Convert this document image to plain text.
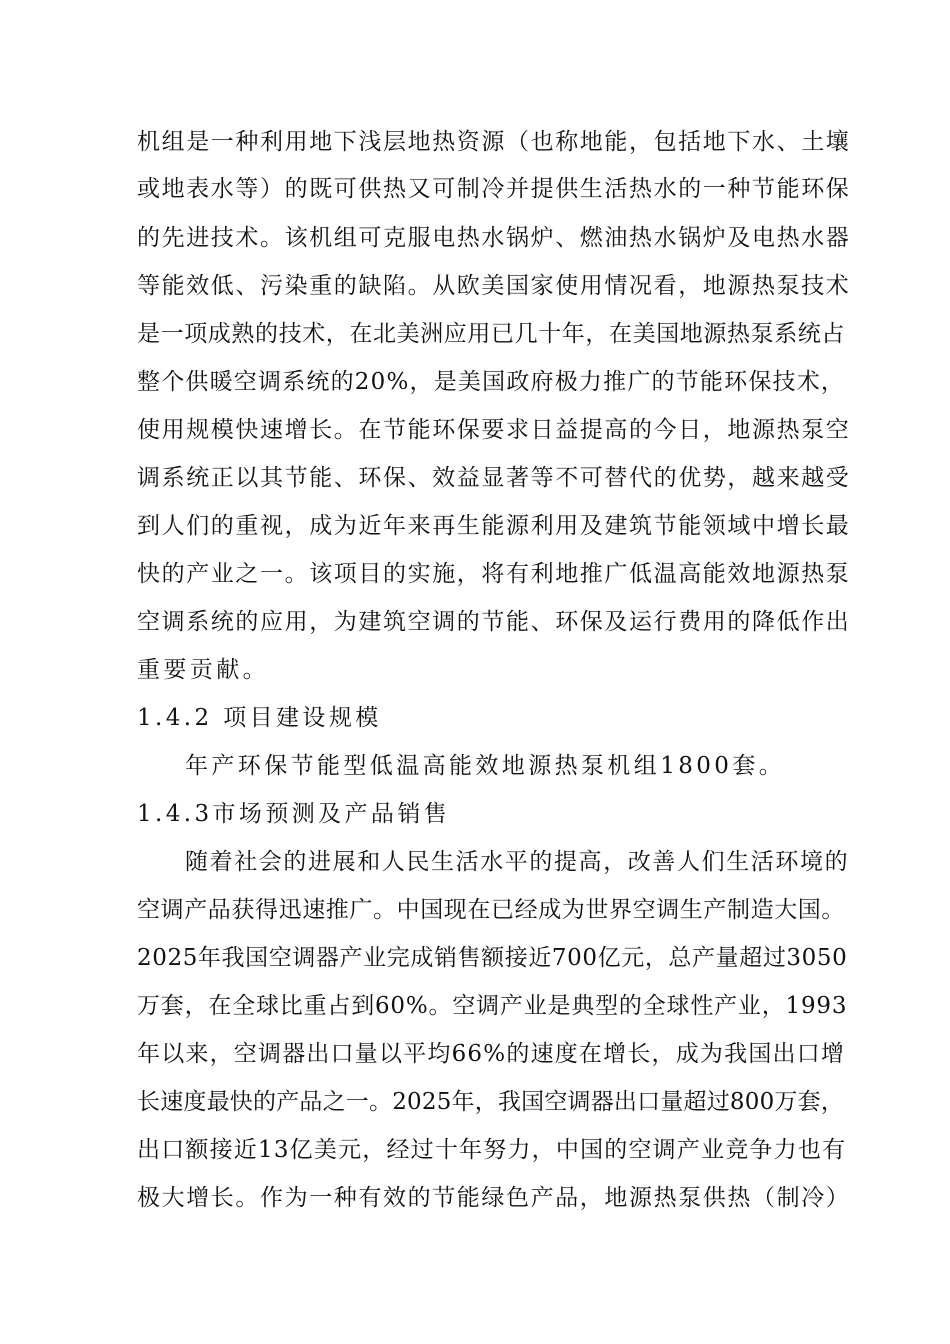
机组是一种利用地下浅层地热资源（也称地能，包括地下水、土壤
或地表水等）的既可供热又可制冷并提供生活热水的一种节能环保
的先进技术。该机组可克服电热水锅炉、燃油热水锅炉及电热水器
等能效低、污染重的缺陷。从欧美国家使用情况看，地源热泵技术
是一项成熟的技术，在北美洲应用已几十年，在美国地源热泵系统占
整个供暖空调系统的20%，是美国政府极力推广的节能环保技术，
使用规模快速增长。在节能环保要求日益提高的今日，地源热泵空
调系统正以其节能、环保、效益显著等不可替代的优势，越来越受
到人们的重视，成为近年来再生能源利用及建筑节能领域中增长最
快的产业之一。该项目的实施，将有利地推广低温高能效地源热泵
空调系统的应用，为建筑空调的节能、环保及运行费用的降低作出
重要贡献。
1.4.2 项目建设规模
年产环保节能型低温高能效地源热泵机组1800套。
1.4.3市场预测及产品销售
随着社会的进展和人民生活水平的提高，改善人们生活环境的
空调产品获得迅速推广。中国现在已经成为世界空调生产制造大国。
2025年我国空调器产业完成销售额接近700亿元，总产量超过3050
万套，在全球比重占到60%。空调产业是典型的全球性产业，1993
年以来，空调器出口量以平均66%的速度在增长，成为我国出口增
长速度最快的产品之一。2025年，我国空调器出口量超过800万套，
出口额接近13亿美元，经过十年努力，中国的空调产业竞争力也有
极大增长。作为一种有效的节能绿色产品，地源热泵供热（制冷）
